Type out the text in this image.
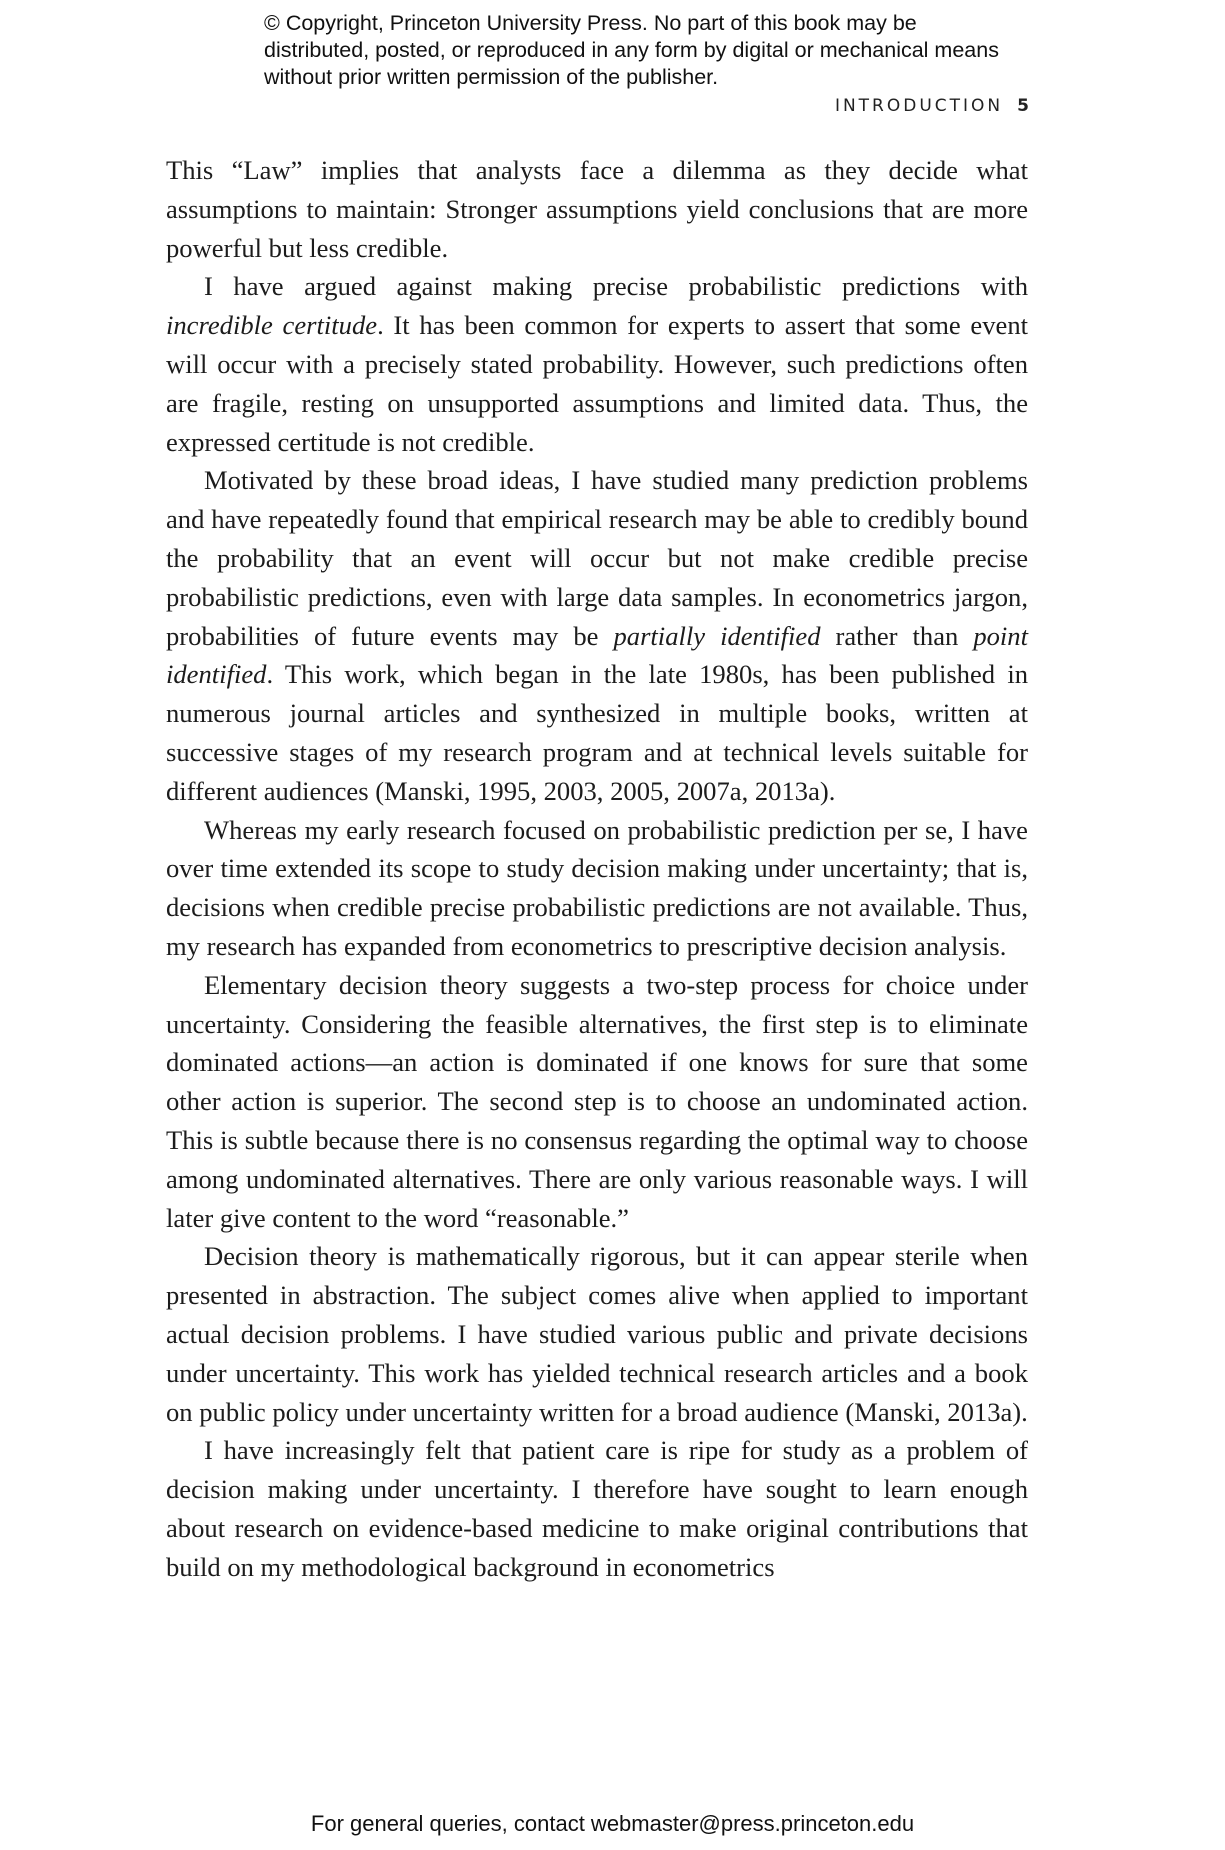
© Copyright, Princeton University Press. No part of this book may be distributed, posted, or reproduced in any form by digital or mechanical means without prior written permission of the publisher.
INTRODUCTION 5

This “Law” implies that analysts face a dilemma as they decide what assumptions to maintain: Stronger assumptions yield conclusions that are more powerful but less credible.

I have argued against making precise probabilistic predictions with incredible certitude. It has been common for experts to assert that some event will occur with a precisely stated probability. However, such predictions often are fragile, resting on unsupported assumptions and limited data. Thus, the expressed certitude is not credible.

Motivated by these broad ideas, I have studied many prediction problems and have repeatedly found that empirical research may be able to credibly bound the probability that an event will occur but not make credible precise probabilistic predictions, even with large data samples. In econometrics jargon, probabilities of future events may be partially identified rather than point identified. This work, which began in the late 1980s, has been published in numerous journal articles and synthesized in multiple books, written at successive stages of my research program and at technical levels suitable for different audiences (Manski, 1995, 2003, 2005, 2007a, 2013a).

Whereas my early research focused on probabilistic prediction per se, I have over time extended its scope to study decision making under uncertainty; that is, decisions when credible precise probabilistic predictions are not available. Thus, my research has expanded from econometrics to prescriptive decision analysis.

Elementary decision theory suggests a two-step process for choice under uncertainty. Considering the feasible alternatives, the first step is to eliminate dominated actions—an action is dominated if one knows for sure that some other action is superior. The second step is to choose an undominated action. This is subtle because there is no consensus regarding the optimal way to choose among undominated alternatives. There are only various reasonable ways. I will later give content to the word “reasonable.”

Decision theory is mathematically rigorous, but it can appear sterile when presented in abstraction. The subject comes alive when applied to important actual decision problems. I have studied various public and private decisions under uncertainty. This work has yielded technical research articles and a book on public policy under uncertainty written for a broad audience (Manski, 2013a).

I have increasingly felt that patient care is ripe for study as a problem of decision making under uncertainty. I therefore have sought to learn enough about research on evidence-based medicine to make original contributions that build on my methodological background in econometrics

For general queries, contact webmaster@press.princeton.edu
